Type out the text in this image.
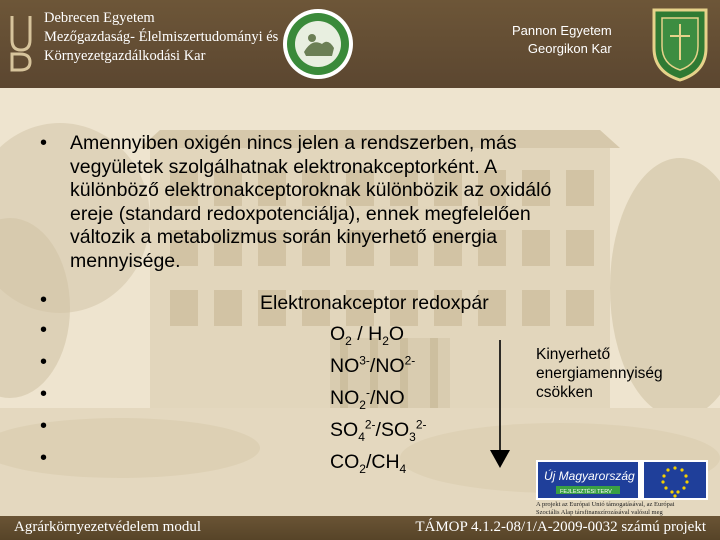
Debrecen Egyetem
Mezőgazdaság- Élelmiszertudományi és
Környezetgazdálkodási Kar
Pannon Egyetem
Georgikon Kar
•
•
•
•
•
•
•
Amennyiben oxigén nincs jelen a rendszerben, más
vegyületek szolgálhatnak elektronakceptorként. A
különböző elektronakceptoroknak különbözik az oxidáló
ereje (standard redoxpotenciálja), ennek megfelelően
változik a metabolizmus során kinyerhető energia
mennyisége.
Elektronakceptor redoxpár
$O_2 / H_2O$
$NO^{3-}/NO^{2-}$
$NO_2^-/NO$
$SO_4^{2-}/SO_3^{2-}$
$CO_2/CH_4$
Kinyerhető
energiamennyiség
csökken
Új Magyarország
FEJLESZTÉSI TERV
A projekt az Európai Unió támogatásával, az Európai
Szociális Alap társfinanszírozásával valósul meg
Agrárkörnyezetvédelem modul	TÁMOP 4.1.2-08/1/A-2009-0032 számú projekt
